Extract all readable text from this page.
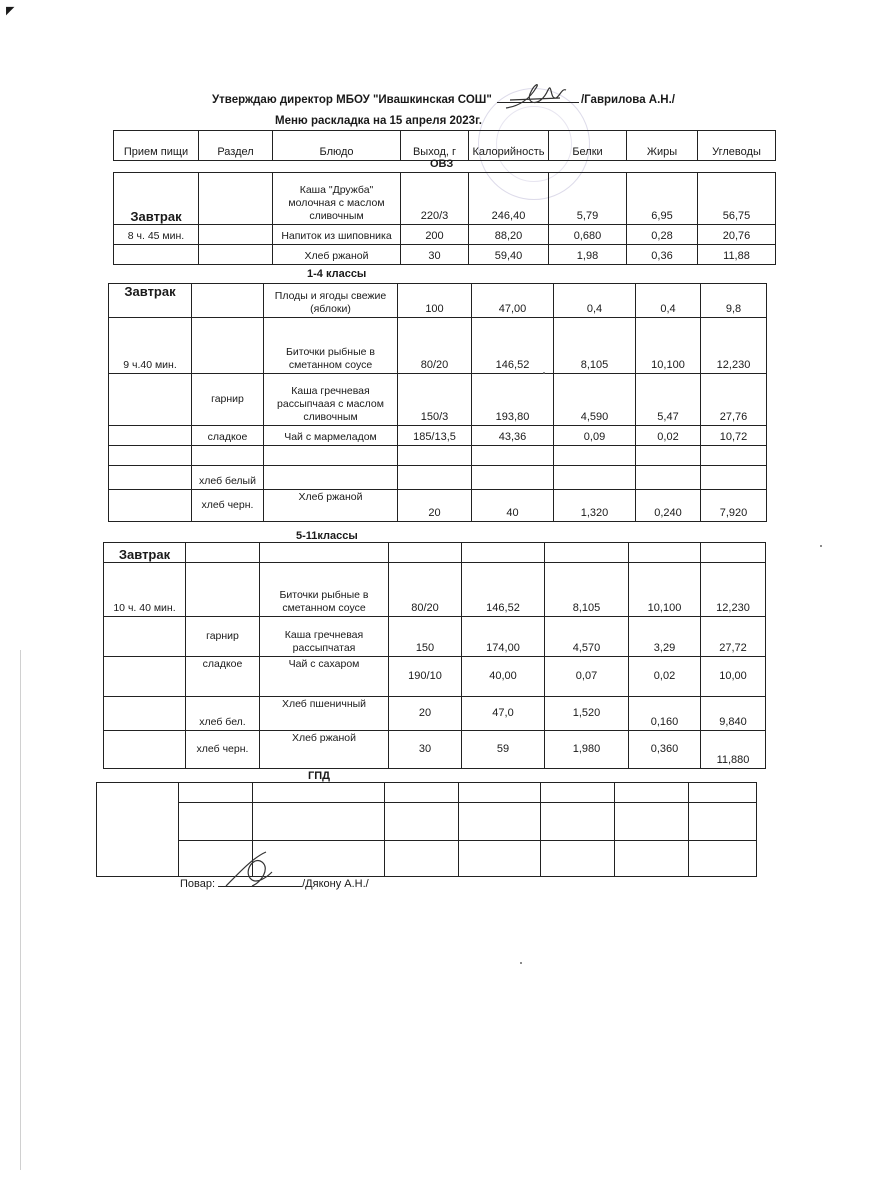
◤
Утверждаю директор МБОУ "Ивашкинская СОШ"	/Гаврилова А.Н./
Меню раскладка на 15 апреля 2023г.
Прием пищи	Раздел	Блюдо	Выход, г	Калорийность	Белки	Жиры	Углеводы
ОВЗ
Завтрак		Каша "Дружба" молочная с маслом сливочным	220/3	246,40	5,79	6,95	56,75
8 ч. 45 мин.		Напиток из шиповника	200	88,20	0,680	0,28	20,76
		Хлеб ржаной	30	59,40	1,98	0,36	11,88
1-4 классы
Завтрак		Плоды и ягоды свежие (яблоки)	100	47,00	0,4	0,4	9,8
9 ч.40 мин.		Биточки рыбные в сметанном соусе	80/20	146,52	8,105	10,100	12,230
	гарнир	Каша гречневая рассыпчаая с маслом сливочным	150/3	193,80	4,590	5,47	27,76
	сладкое	Чай с мармеладом	185/13,5	43,36	0,09	0,02	10,72

	хлеб белый						
	хлеб черн.	Хлеб ржаной	20	40	1,320	0,240	7,920
5-11классы
Завтрак							
10 ч. 40 мин.		Биточки рыбные в сметанном соусе	80/20	146,52	8,105	10,100	12,230
	гарнир	Каша гречневая рассыпчатая	150	174,00	4,570	3,29	27,72
	сладкое	Чай с сахаром	190/10	40,00	0,07	0,02	10,00
	хлеб бел.	Хлеб пшеничный	20	47,0	1,520	0,160	9,840
	хлеб черн.	Хлеб ржаной	30	59	1,980	0,360	11,880
ГПД

Повар:	/Дякону А.Н./
